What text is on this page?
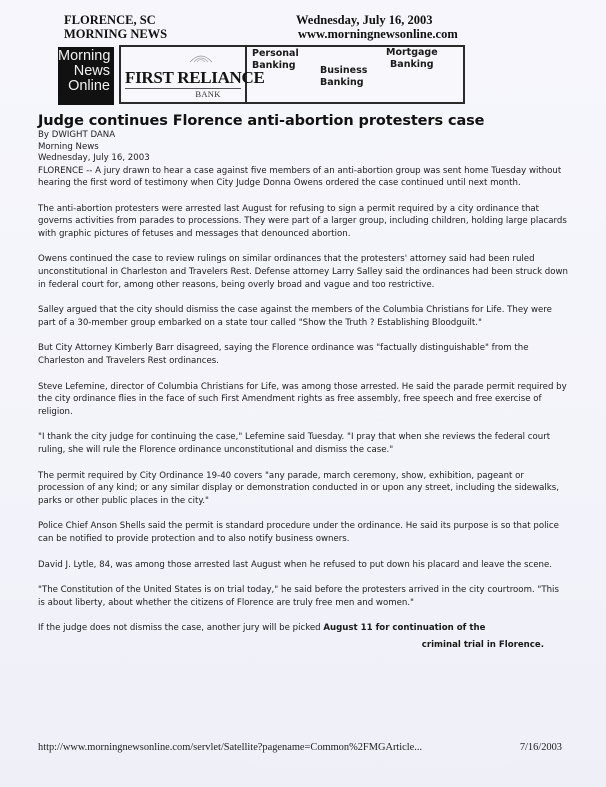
FLORENCE, SC
MORNING NEWS
Wednesday, July 16, 2003
www.morningnewsonline.com
Morning
News
Online FIRST RELIANCE
BANK
Personal
Banking	Business
Banking
Mortgage
Banking
Judge continues Florence anti-abortion protesters case
By DWIGHT DANA
Morning News
Wednesday, July 16, 2003

FLORENCE -- A jury drawn to hear a case against five members of an anti-abortion group was sent home Tuesday without hearing the first word of testimony when City Judge Donna Owens ordered the case continued until next month.

The anti-abortion protesters were arrested last August for refusing to sign a permit required by a city ordinance that governs activities from parades to processions. They were part of a larger group, including children, holding large placards with graphic pictures of fetuses and messages that denounced abortion.

Owens continued the case to review rulings on similar ordinances that the protesters' attorney said had been ruled unconstitutional in Charleston and Travelers Rest. Defense attorney Larry Salley said the ordinances had been struck down in federal court for, among other reasons, being overly broad and vague and too restrictive.

Salley argued that the city should dismiss the case against the members of the Columbia Christians for Life. They were part of a 30-member group embarked on a state tour called "Show the Truth ? Establishing Bloodguilt."

But City Attorney Kimberly Barr disagreed, saying the Florence ordinance was "factually distinguishable" from the Charleston and Travelers Rest ordinances.

Steve Lefemine, director of Columbia Christians for Life, was among those arrested. He said the parade permit required by the city ordinance flies in the face of such First Amendment rights as free assembly, free speech and free exercise of religion.

"I thank the city judge for continuing the case," Lefemine said Tuesday. "I pray that when she reviews the federal court ruling, she will rule the Florence ordinance unconstitutional and dismiss the case."

The permit required by City Ordinance 19-40 covers "any parade, march ceremony, show, exhibition, pageant or procession of any kind; or any similar display or demonstration conducted in or upon any street, including the sidewalks, parks or other public places in the city."

Police Chief Anson Shells said the permit is standard procedure under the ordinance. He said its purpose is so that police can be notified to provide protection and to also notify business owners.

David J. Lytle, 84, was among those arrested last August when he refused to put down his placard and leave the scene.

"The Constitution of the United States is on trial today," he said before the protesters arrived in the city courtroom. "This is about liberty, about whether the citizens of Florence are truly free men and women."

If the judge does not dismiss the case, another jury will be picked August 11 for continuation of the
criminal trial in Florence.
http://www.morningnewsonline.com/servlet/Satellite?pagename=Common%2FMGArticle...	7/16/2003
